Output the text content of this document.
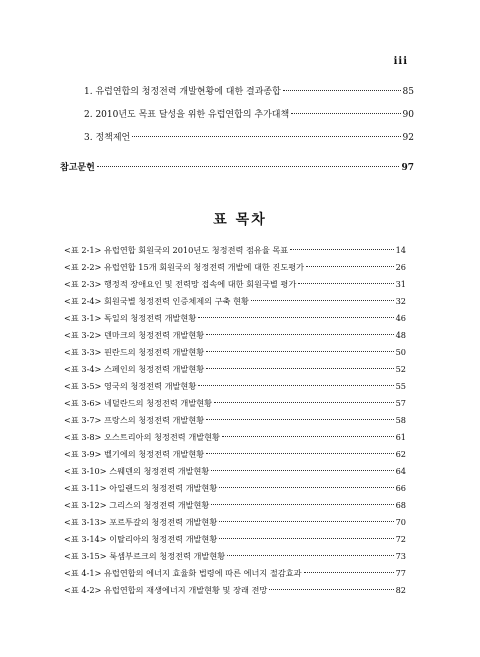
iii
1. 유럽연합의 청정전력 개발현황에 대한 결과종합	85
2. 2010년도 목표 달성을 위한 유럽연합의 추가대책	90
3. 정책제언	92
참고문헌	97
표 목차
<표 2-1> 유럽연합 회원국의 2010년도 청정전력 점유율 목표	14
<표 2-2> 유럽연합 15개 회원국의 청정전력 개발에 대한 진도평가	26
<표 2-3> 행정적 장애요인 및 전력망 접속에 대한 회원국별 평가	31
<표 2-4> 회원국별 청정전력 인증체제의 구축 현황	32
<표 3-1> 독일의 청정전력 개발현황	46
<표 3-2> 덴마크의 청정전력 개발현황	48
<표 3-3> 핀란드의 청정전력 개발현황	50
<표 3-4> 스페인의 청정전력 개발현황	52
<표 3-5> 영국의 청정전력 개발현황	55
<표 3-6> 네덜란드의 청정전력 개발현황	57
<표 3-7> 프랑스의 청정전력 개발현황	58
<표 3-8> 오스트리아의 청정전력 개발현황	61
<표 3-9> 벨기에의 청정전력 개발현황	62
<표 3-10> 스웨덴의 청정전력 개발현황	64
<표 3-11> 아일랜드의 청정전력 개발현황	66
<표 3-12> 그리스의 청정전력 개발현황	68
<표 3-13> 포르투갈의 청정전력 개발현황	70
<표 3-14> 이탈리아의 청정전력 개발현황	72
<표 3-15> 룩셈부르크의 청정전력 개발현황	73
<표 4-1> 유럽연합의 에너지 효율화 법령에 따른 에너지 절감효과	77
<표 4-2> 유럽연합의 재생에너지 개발현황 및 장래 전망	82
